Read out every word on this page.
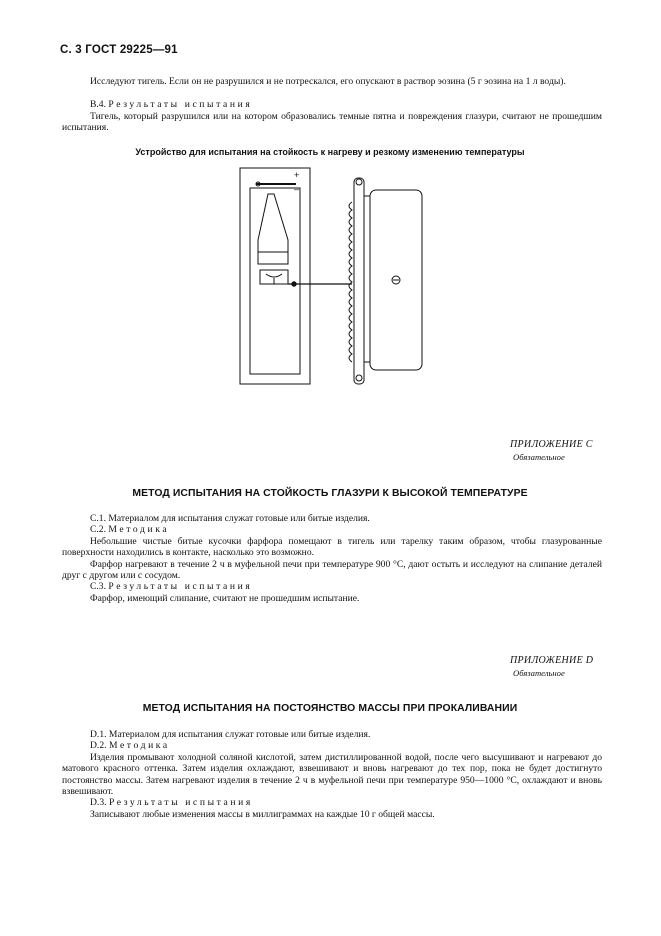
С. 3 ГОСТ 29225—91
Исследуют тигель. Если он не разрушился и не потрескался, его опускают в раствор эозина (5 г эозина на 1 л воды).
В.4. Результаты испытания
Тигель, который разрушился или на котором образовались темные пятна и повреждения глазури, считают не прошедшим испытания.
Устройство для испытания на стойкость к нагреву и резкому изменению температуры
+
–
ПРИЛОЖЕНИЕ C
Обязательное
МЕТОД ИСПЫТАНИЯ НА СТОЙКОСТЬ ГЛАЗУРИ К ВЫСОКОЙ ТЕМПЕРАТУРЕ
С.1. Материалом для испытания служат готовые или битые изделия.
С.2. Методика
Небольшие чистые битые кусочки фарфора помещают в тигель или тарелку таким образом, чтобы глазурованные поверхности находились в контакте, насколько это возможно.
Фарфор нагревают в течение 2 ч в муфельной печи при температуре 900 °С, дают остыть и исследуют на слипание деталей друг с другом или с сосудом.
С.3. Результаты испытания
Фарфор, имеющий слипание, считают не прошедшим испытание.
ПРИЛОЖЕНИЕ D
Обязательное
МЕТОД ИСПЫТАНИЯ НА ПОСТОЯНСТВО МАССЫ ПРИ ПРОКАЛИВАНИИ
D.1. Материалом для испытания служат готовые или битые изделия.
D.2. Методика
Изделия промывают холодной соляной кислотой, затем дистиллированной водой, после чего высушивают и нагревают до матового красного оттенка. Затем изделия охлаждают, взвешивают и вновь нагревают до тех пор, пока не будет достигнуто постоянство массы. Затем нагревают изделия в течение 2 ч в муфельной печи при температуре 950—1000 °С, охлаждают и вновь взвешивают.
D.3. Результаты испытания
Записывают любые изменения массы в миллиграммах на каждые 10 г общей массы.
